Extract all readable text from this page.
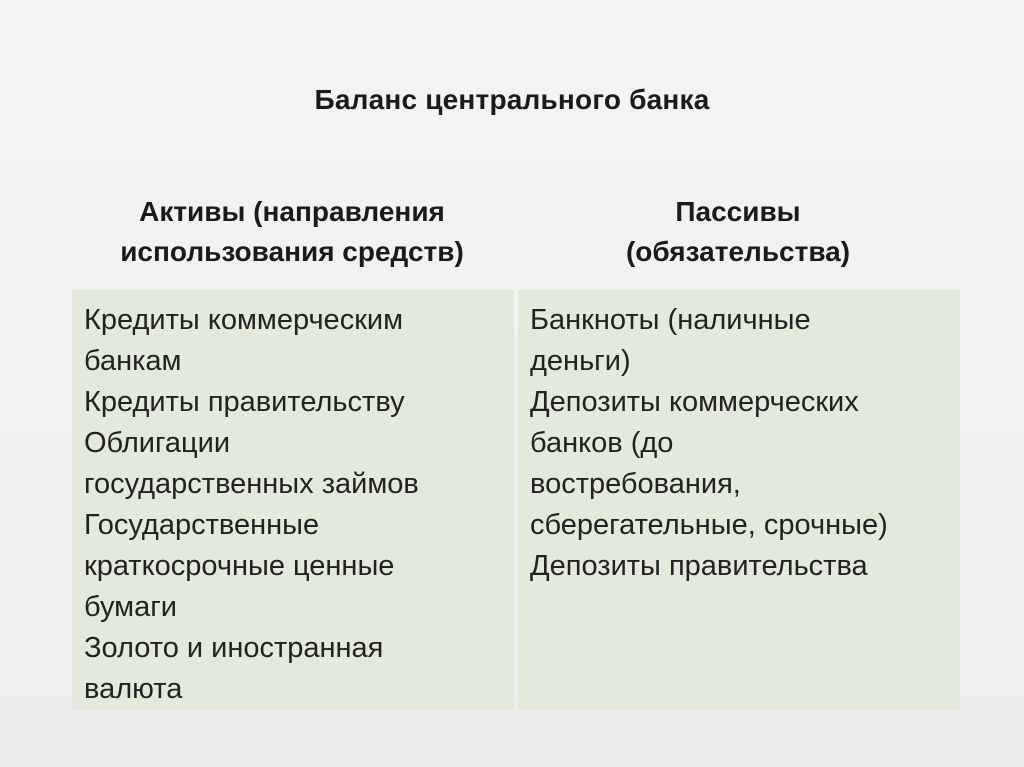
Баланс центрального банка
Активы (направления
использования средств)
Пассивы
(обязательства)
Кредиты коммерческим
банкам
Кредиты правительству
Облигации
государственных займов
Государственные
краткосрочные ценные
бумаги
Золото и иностранная
валюта
Банкноты (наличные
деньги)
Депозиты коммерческих
банков (до
востребования,
сберегательные, срочные)
Депозиты правительства
